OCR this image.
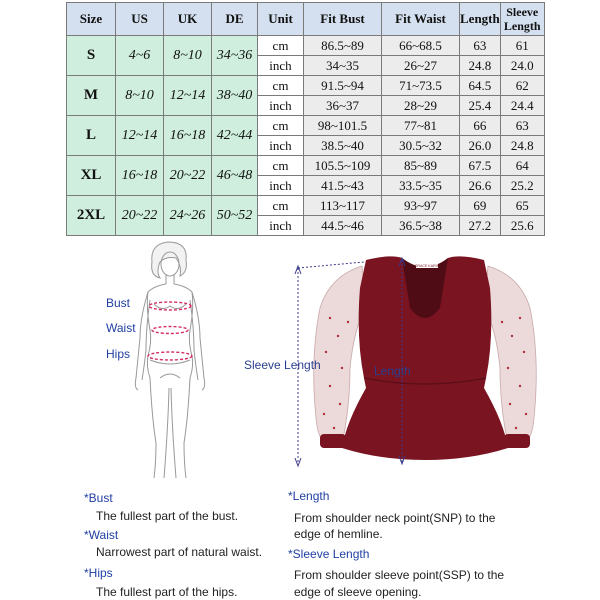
Size	US	UK	DE	Unit	Fit Bust	Fit Waist	Length	Sleeve Length
S	4~6	8~10	34~36	cm	86.5~89	66~68.5	63	61
				inch	34~35	26~27	24.8	24.0
M	8~10	12~14	38~40	cm	91.5~94	71~73.5	64.5	62
				inch	36~37	28~29	25.4	24.4
L	12~14	16~18	42~44	cm	98~101.5	77~81	66	63
				inch	38.5~40	30.5~32	26.0	24.8
XL	16~18	20~22	46~48	cm	105.5~109	85~89	67.5	64
				inch	41.5~43	33.5~35	26.6	25.2
2XL	20~22	24~26	50~52	cm	113~117	93~97	69	65
				inch	44.5~46	36.5~38	27.2	25.6
Bust
Waist
Hips
GRACE KARIN
Sleeve Length	Length
*Bust
The fullest part of the bust.
*Waist
Narrowest part of natural waist.
*Hips
The fullest part of the hips.
*Length
From shoulder neck point(SNP) to the
edge of hemline.
*Sleeve Length
From shoulder sleeve point(SSP) to the
edge of sleeve opening.
